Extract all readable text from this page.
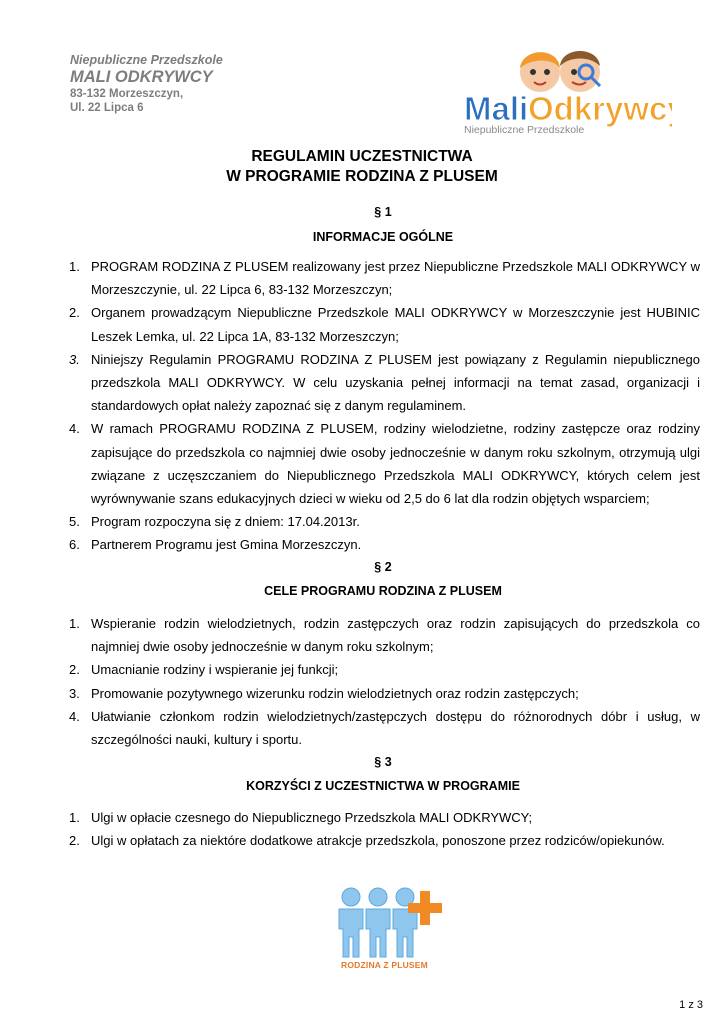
Niepubliczne Przedszkole
MALI ODKRYWCY
83-132 Morzeszczyn,
Ul. 22 Lipca 6	Mali Odkrywcy
Niepubliczne Przedszkole
REGULAMIN UCZESTNICTWA
W PROGRAMIE RODZINA Z PLUSEM
§ 1
INFORMACJE OGÓLNE
1. PROGRAM RODZINA Z PLUSEM realizowany jest przez Niepubliczne Przedszkole MALI ODKRYWCY w Morzeszczynie, ul. 22 Lipca 6, 83-132 Morzeszczyn;
2. Organem prowadzącym Niepubliczne Przedszkole MALI ODKRYWCY w Morzeszczynie jest HUBINIC Leszek Lemka, ul. 22 Lipca 1A, 83-132 Morzeszczyn;
3. Niniejszy Regulamin PROGRAMU RODZINA Z PLUSEM jest powiązany z Regulamin niepublicznego przedszkola MALI ODKRYWCY. W celu uzyskania pełnej informacji na temat zasad, organizacji i standardowych opłat należy zapoznać się z danym regulaminem.
4. W ramach PROGRAMU RODZINA Z PLUSEM, rodziny wielodzietne, rodziny zastępcze oraz rodziny zapisujące do przedszkola co najmniej dwie osoby jednocześnie w danym roku szkolnym, otrzymują ulgi związane z uczęszczaniem do Niepublicznego Przedszkola MALI ODKRYWCY, których celem jest wyrównywanie szans edukacyjnych dzieci w wieku od 2,5 do 6 lat dla rodzin objętych wsparciem;
5. Program rozpoczyna się z dniem: 17.04.2013r.
6. Partnerem Programu jest Gmina Morzeszczyn.
§ 2
CELE PROGRAMU RODZINA Z PLUSEM
1. Wspieranie rodzin wielodzietnych, rodzin zastępczych oraz rodzin zapisujących do przedszkola co najmniej dwie osoby jednocześnie w danym roku szkolnym;
2. Umacnianie rodziny i wspieranie jej funkcji;
3. Promowanie pozytywnego wizerunku rodzin wielodzietnych oraz rodzin zastępczych;
4. Ułatwianie członkom rodzin wielodzietnych/zastępczych dostępu do różnorodnych dóbr i usług, w szczególności nauki, kultury i sportu.
§ 3
KORZYŚCI Z UCZESTNICTWA W PROGRAMIE
1. Ulgi w opłacie czesnego do Niepublicznego Przedszkola MALI ODKRYWCY;
2. Ulgi w opłatach za niektóre dodatkowe atrakcje przedszkola, ponoszone przez rodziców/opiekunów.
RODZINA Z PLUSEM
1 z 3
